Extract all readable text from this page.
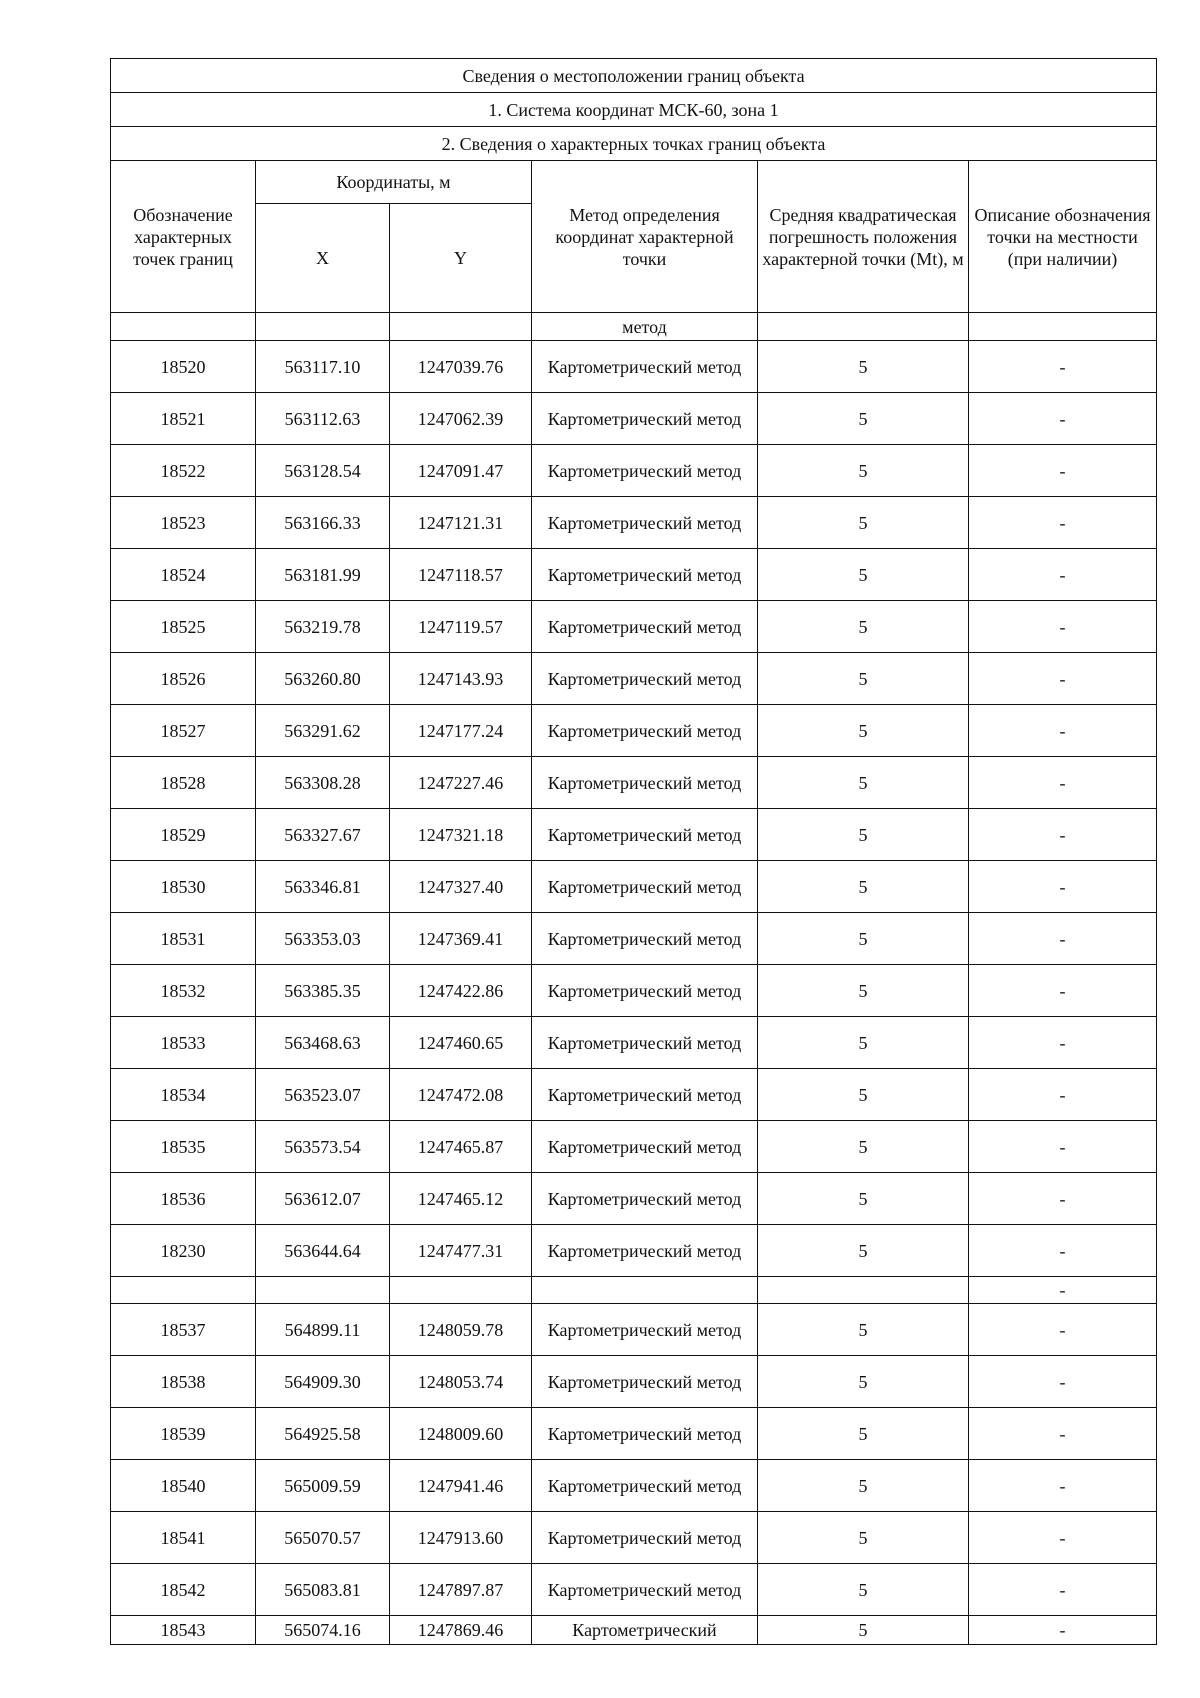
Сведения о местоположении границ объекта					
1. Система координат МСК-60, зона 1					
2. Сведения о характерных точках границ объекта					
Обозначение характерных точек границ	Координаты, м		Метод определения координат характерной точки	Средняя квадратическая погрешность положения характерной точки (Mt), м	Описание обозначения точки на местности (при наличии)
	X	Y			
			метод		
18520	563117.10	1247039.76	Картометрический метод	5	-
18521	563112.63	1247062.39	Картометрический метод	5	-
18522	563128.54	1247091.47	Картометрический метод	5	-
18523	563166.33	1247121.31	Картометрический метод	5	-
18524	563181.99	1247118.57	Картометрический метод	5	-
18525	563219.78	1247119.57	Картометрический метод	5	-
18526	563260.80	1247143.93	Картометрический метод	5	-
18527	563291.62	1247177.24	Картометрический метод	5	-
18528	563308.28	1247227.46	Картометрический метод	5	-
18529	563327.67	1247321.18	Картометрический метод	5	-
18530	563346.81	1247327.40	Картометрический метод	5	-
18531	563353.03	1247369.41	Картометрический метод	5	-
18532	563385.35	1247422.86	Картометрический метод	5	-
18533	563468.63	1247460.65	Картометрический метод	5	-
18534	563523.07	1247472.08	Картометрический метод	5	-
18535	563573.54	1247465.87	Картометрический метод	5	-
18536	563612.07	1247465.12	Картометрический метод	5	-
18230	563644.64	1247477.31	Картометрический метод	5	-
					-
18537	564899.11	1248059.78	Картометрический метод	5	-
18538	564909.30	1248053.74	Картометрический метод	5	-
18539	564925.58	1248009.60	Картометрический метод	5	-
18540	565009.59	1247941.46	Картометрический метод	5	-
18541	565070.57	1247913.60	Картометрический метод	5	-
18542	565083.81	1247897.87	Картометрический метод	5	-
18543	565074.16	1247869.46	Картометрический	5	-
